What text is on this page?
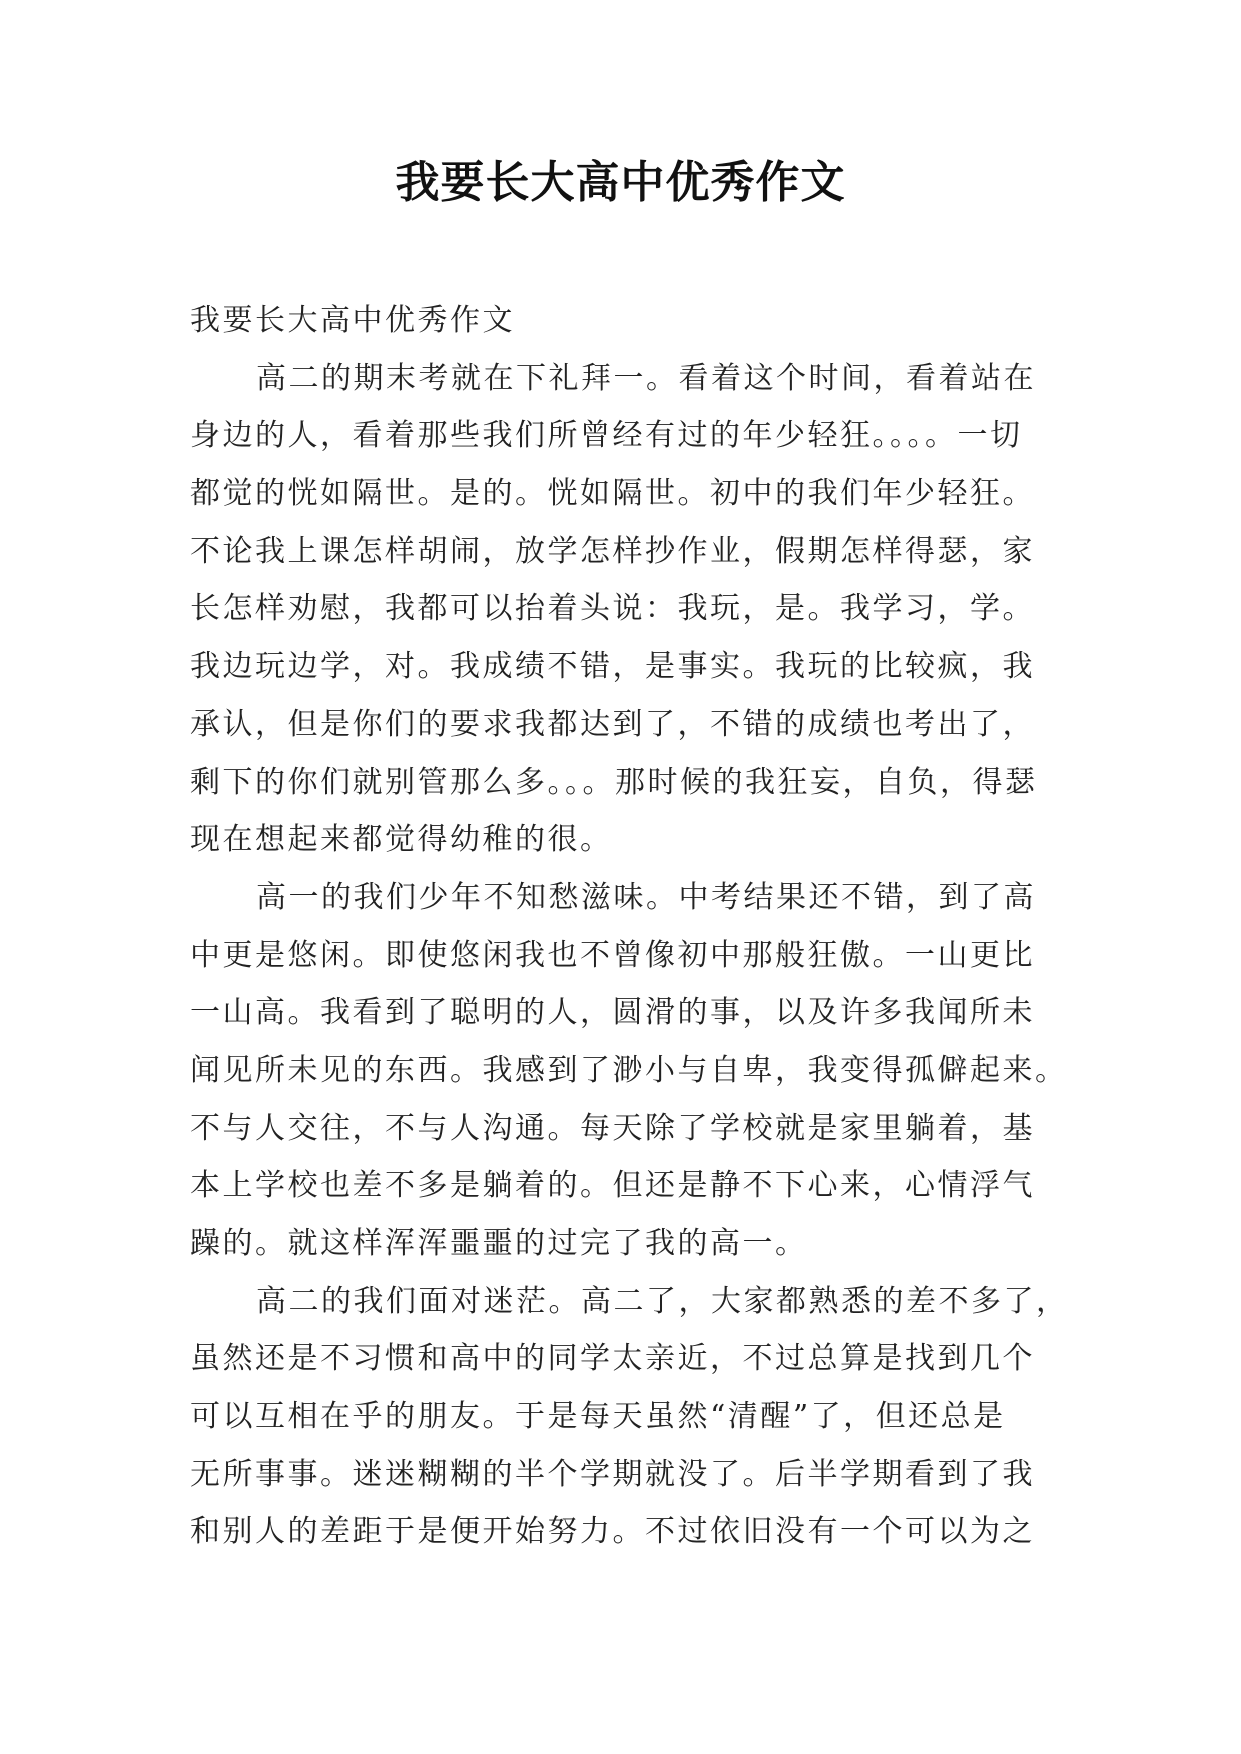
我要长大高中优秀作文
我要长大高中优秀作文
高二的期末考就在下礼拜一。看着这个时间，看着站在
身边的人，看着那些我们所曾经有过的年少轻狂。。。。一切
都觉的恍如隔世。是的。恍如隔世。初中的我们年少轻狂。
不论我上课怎样胡闹，放学怎样抄作业，假期怎样得瑟，家
长怎样劝慰，我都可以抬着头说：我玩，是。我学习，学。
我边玩边学，对。我成绩不错，是事实。我玩的比较疯，我
承认，但是你们的要求我都达到了，不错的成绩也考出了，
剩下的你们就别管那么多。。。那时候的我狂妄，自负，得瑟
现在想起来都觉得幼稚的很。
高一的我们少年不知愁滋味。中考结果还不错，到了高
中更是悠闲。即使悠闲我也不曾像初中那般狂傲。一山更比
一山高。我看到了聪明的人，圆滑的事，以及许多我闻所未
闻见所未见的东西。我感到了渺小与自卑，我变得孤僻起来。
不与人交往，不与人沟通。每天除了学校就是家里躺着，基
本上学校也差不多是躺着的。但还是静不下心来，心情浮气
躁的。就这样浑浑噩噩的过完了我的高一。
高二的我们面对迷茫。高二了，大家都熟悉的差不多了，
虽然还是不习惯和高中的同学太亲近，不过总算是找到几个
可以互相在乎的朋友。于是每天虽然“清醒”了，但还总是
无所事事。迷迷糊糊的半个学期就没了。后半学期看到了我
和别人的差距于是便开始努力。不过依旧没有一个可以为之
